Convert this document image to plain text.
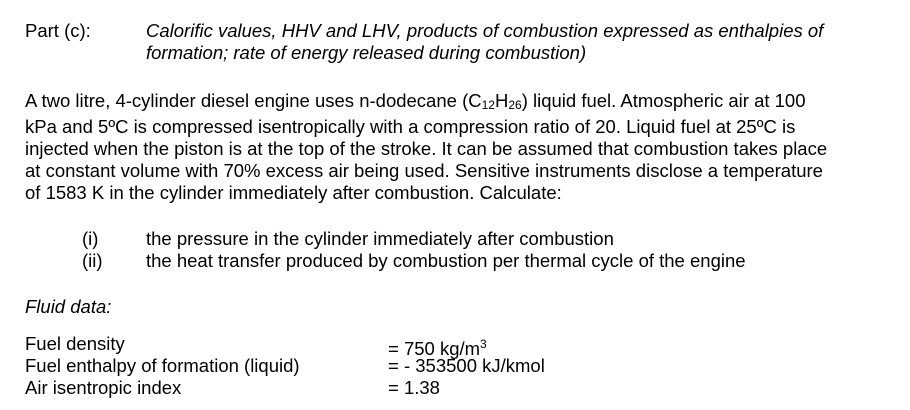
Part (c):	Calorific values, HHV and LHV, products of combustion expressed as enthalpies of
formation; rate of energy released during combustion)
A two litre, 4-cylinder diesel engine uses n-dodecane (C12H26) liquid fuel. Atmospheric air at 100
kPa and 5ºC is compressed isentropically with a compression ratio of 20. Liquid fuel at 25ºC is
injected when the piston is at the top of the stroke. It can be assumed that combustion takes place
at constant volume with 70% excess air being used. Sensitive instruments disclose a temperature
of 1583 K in the cylinder immediately after combustion. Calculate:
(i)	the pressure in the cylinder immediately after combustion
(ii) the heat transfer produced by combustion per thermal cycle of the engine
Fluid data:
Fuel density	= 750 $kg/m^3$
Fuel enthalpy of formation (liquid)	= - 353500 kJ/kmol
Air isentropic index	= 1.38
